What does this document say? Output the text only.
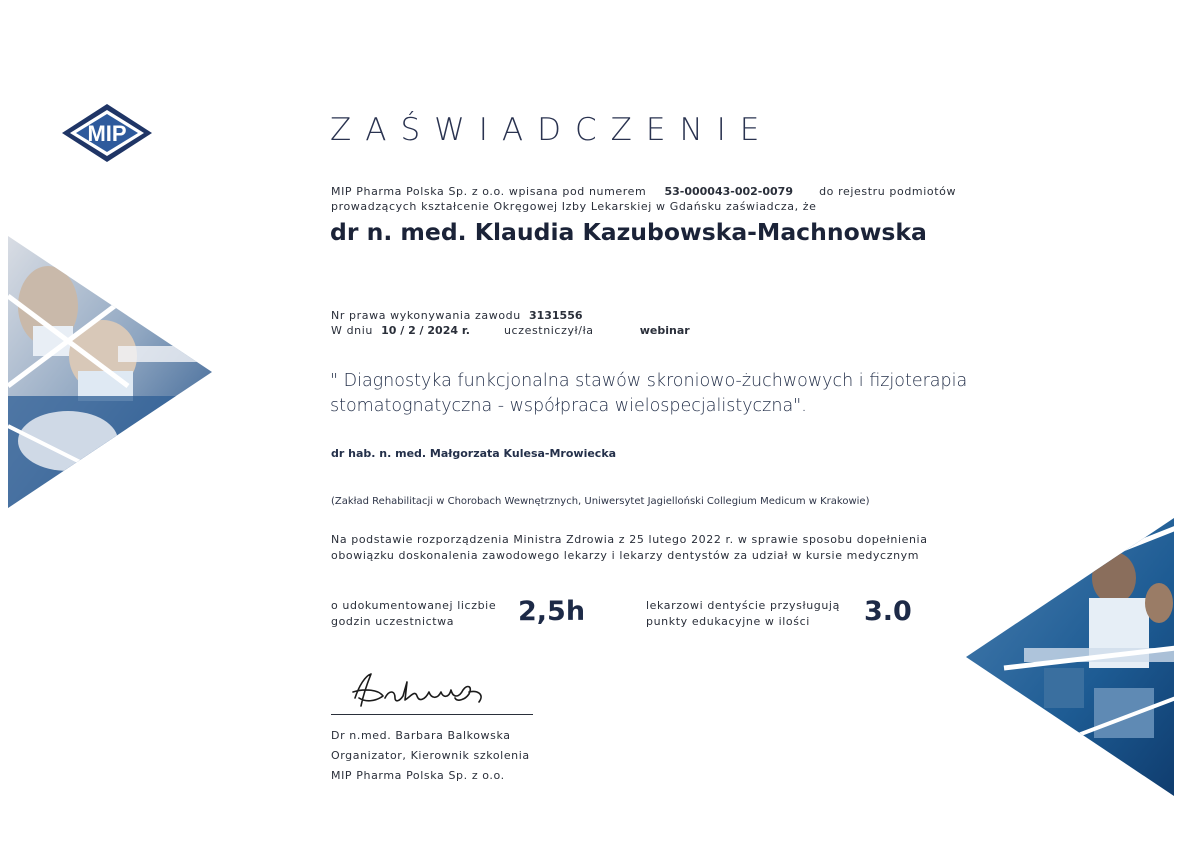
MIP	ZAŚWIADCZENIE
MIP Pharma Polska Sp. z o.o. wpisana pod numerem 53-000043-002-0079 do rejestru podmiotów
prowadzących kształcenie Okręgowej Izby Lekarskiej w Gdańsku zaświadcza, że
dr n. med. Klaudia Kazubowska-Machnowska
Nr prawa wykonywania zawodu 3131556
W dniu 10 / 2 / 2024 r.	uczestniczył/ła	webinar
" Diagnostyka funkcjonalna stawów skroniowo-żuchwowych i fizjoterapia
stomatognatyczna - współpraca wielospecjalistyczna".
dr hab. n. med. Małgorzata Kulesa-Mrowiecka
(Zakład Rehabilitacji w Chorobach Wewnętrznych, Uniwersytet Jagielloński Collegium Medicum w Krakowie)
Na podstawie rozporządzenia Ministra Zdrowia z 25 lutego 2022 r. w sprawie sposobu dopełnienia
obowiązku doskonalenia zawodowego lekarzy i lekarzy dentystów za udział w kursie medycznym
o udokumentowanej liczbie
godzin uczestnictwa	2,5h	lekarzowi dentyście przysługują
punkty edukacyjne w ilości	3.0
Dr n.med. Barbara Balkowska
Organizator, Kierownik szkolenia
MIP Pharma Polska Sp. z o.o.
